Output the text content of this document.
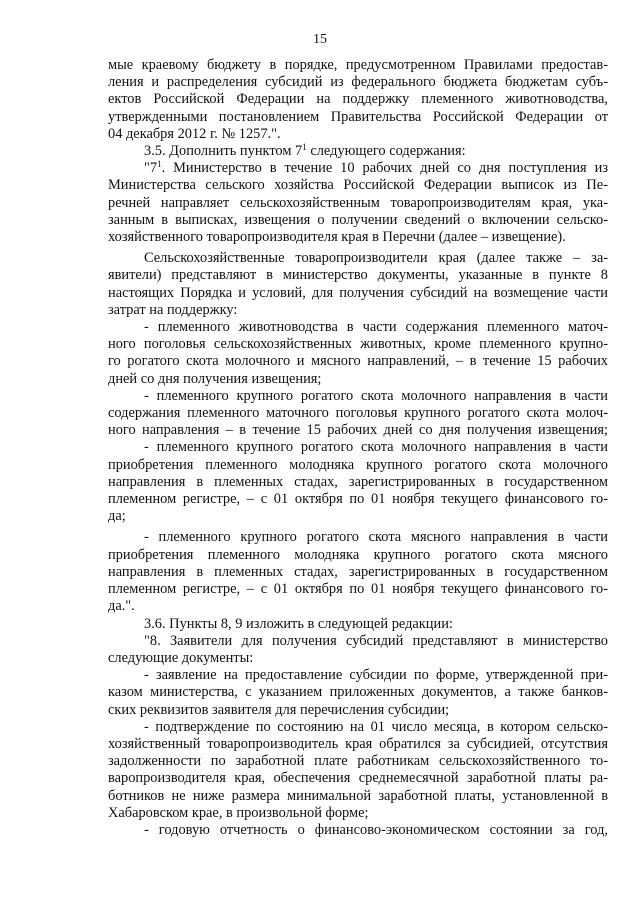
15

мые краевому бюджету в порядке, предусмотренном Правилами предостав-

ления и распределения субсидий из федерального бюджета бюджетам субъ-

ектов Российской Федерации на поддержку племенного животноводства,

утвержденными постановлением Правительства Российской Федерации от

04 декабря 2012 г. № 1257.".

3.5. Дополнить пунктом $7^1$ следующего содержания:

"$7^1$. Министерство в течение 10 рабочих дней со дня поступления из

Министерства сельского хозяйства Российской Федерации выписок из Пе-

речней направляет сельскохозяйственным товаропроизводителям края, ука-

занным в выписках, извещения о получении сведений о включении сельско-

хозяйственного товаропроизводителя края в Перечни (далее – извещение).

Сельскохозяйственные товаропроизводители края (далее также – за-

явители) представляют в министерство документы, указанные в пункте 8

настоящих Порядка и условий, для получения субсидий на возмещение части

затрат на поддержку:

- племенного животноводства в части содержания племенного маточ-

ного поголовья сельскохозяйственных животных, кроме племенного крупно-

го рогатого скота молочного и мясного направлений, – в течение 15 рабочих

дней со дня получения извещения;

- племенного крупного рогатого скота молочного направления в части

содержания племенного маточного поголовья крупного рогатого скота молоч-

ного направления – в течение 15 рабочих дней со дня получения извещения;

- племенного крупного рогатого скота молочного направления в части

приобретения племенного молодняка крупного рогатого скота молочного

направления в племенных стадах, зарегистрированных в государственном

племенном регистре, – с 01 октября по 01 ноября текущего финансового го-

да;

- племенного крупного рогатого скота мясного направления в части

приобретения племенного молодняка крупного рогатого скота мясного

направления в племенных стадах, зарегистрированных в государственном

племенном регистре, – с 01 октября по 01 ноября текущего финансового го-

да.".

3.6. Пункты 8, 9 изложить в следующей редакции:

"8. Заявители для получения субсидий представляют в министерство

следующие документы:

- заявление на предоставление субсидии по форме, утвержденной при-

казом министерства, с указанием приложенных документов, а также банков-

ских реквизитов заявителя для перечисления субсидии;

- подтверждение по состоянию на 01 число месяца, в котором сельско-

хозяйственный товаропроизводитель края обратился за субсидией, отсутствия

задолженности по заработной плате работникам сельскохозяйственного то-

варопроизводителя края, обеспечения среднемесячной заработной платы ра-

ботников не ниже размера минимальной заработной платы, установленной в

Хабаровском крае, в произвольной форме;

- годовую отчетность о финансово-экономическом состоянии за год,
